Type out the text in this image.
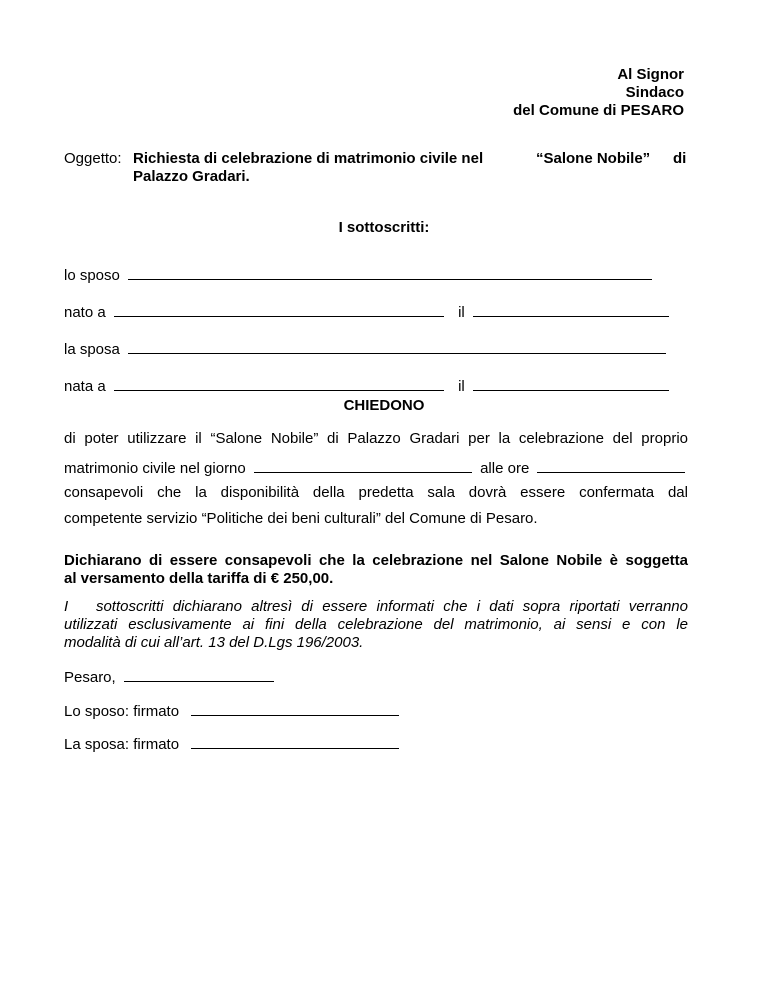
Al Signor
Sindaco
del Comune di PESARO
Oggetto: Richiesta di celebrazione di matrimonio civile nel	“Salone Nobile” di
Palazzo Gradari.
I sottoscritti:
lo sposo
nato a	il
la sposa
nata a	il
CHIEDONO
di poter utilizzare il “Salone Nobile” di Palazzo Gradari per la celebrazione del proprio
matrimonio civile nel giorno	alle ore
consapevoli che la disponibilità della predetta sala dovrà essere confermata dal
competente servizio “Politiche dei beni culturali” del Comune di Pesaro.
Dichiarano di essere consapevoli che la celebrazione nel Salone Nobile è soggetta
al versamento della tariffa di € 250,00.
I   sottoscritti dichiarano altresì di essere informati che i dati sopra riportati verranno
utilizzati esclusivamente ai fini della celebrazione del matrimonio, ai sensi e con le
modalità di cui all’art. 13 del D.Lgs 196/2003.
Pesaro,
Lo sposo: firmato
La sposa: firmato
